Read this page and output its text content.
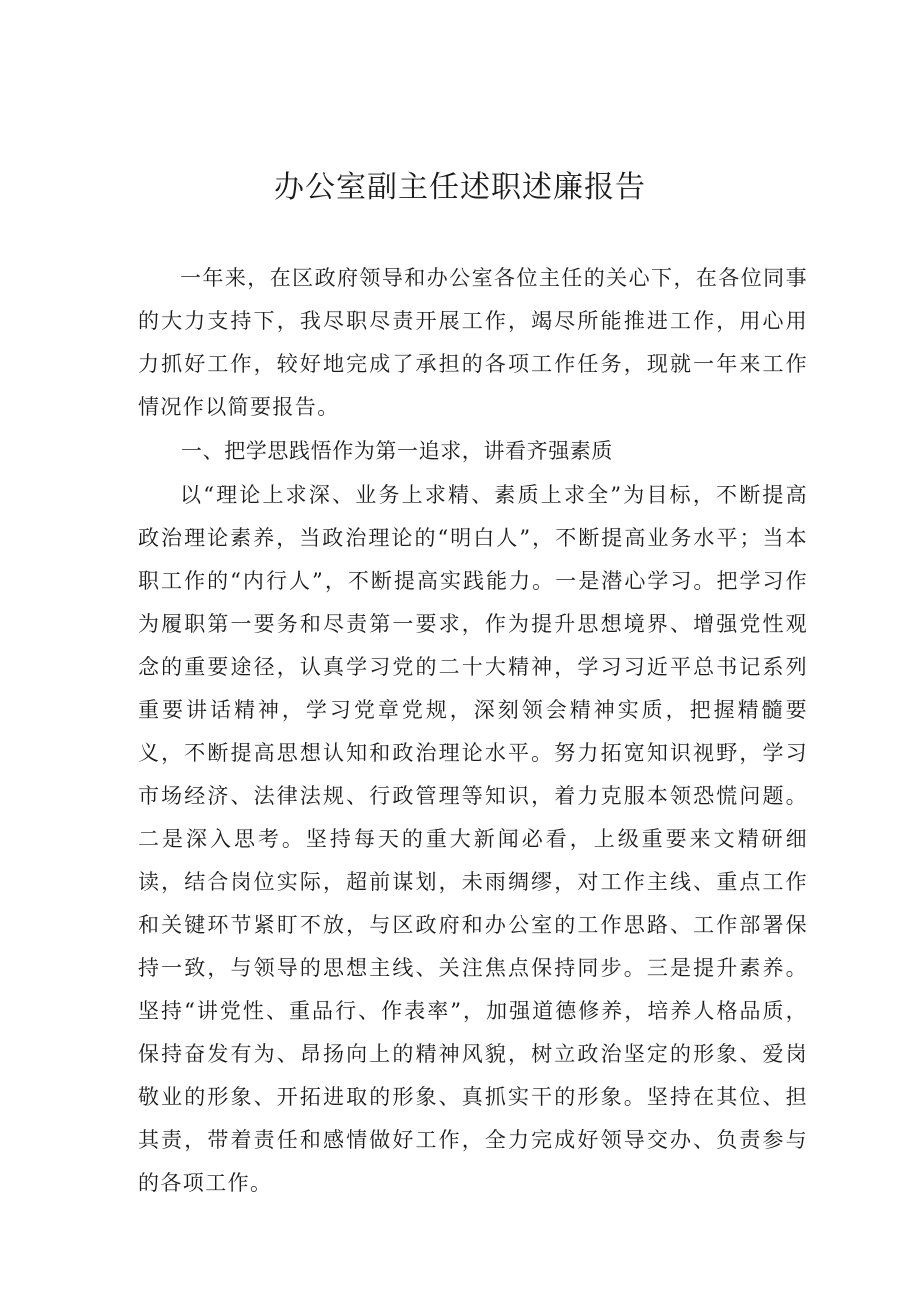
办公室副主任述职述廉报告

一年来，在区政府领导和办公室各位主任的关心下，在各位同事的大力支持下，我尽职尽责开展工作，竭尽所能推进工作，用心用力抓好工作，较好地完成了承担的各项工作任务，现就一年来工作情况作以简要报告。

一、把学思践悟作为第一追求，讲看齐强素质

以“理论上求深、业务上求精、素质上求全”为目标，不断提高政治理论素养，当政治理论的“明白人”，不断提高业务水平；当本职工作的“内行人”，不断提高实践能力。一是潜心学习。把学习作为履职第一要务和尽责第一要求，作为提升思想境界、增强党性观念的重要途径，认真学习党的二十大精神，学习习近平总书记系列重要讲话精神，学习党章党规，深刻领会精神实质，把握精髓要义，不断提高思想认知和政治理论水平。努力拓宽知识视野，学习市场经济、法律法规、行政管理等知识，着力克服本领恐慌问题。二是深入思考。坚持每天的重大新闻必看，上级重要来文精研细读，结合岗位实际，超前谋划，未雨绸缪，对工作主线、重点工作和关键环节紧盯不放，与区政府和办公室的工作思路、工作部署保持一致，与领导的思想主线、关注焦点保持同步。三是提升素养。坚持“讲党性、重品行、作表率”，加强道德修养，培养人格品质，保持奋发有为、昂扬向上的精神风貌，树立政治坚定的形象、爱岗敬业的形象、开拓进取的形象、真抓实干的形象。坚持在其位、担其责，带着责任和感情做好工作，全力完成好领导交办、负责参与的各项工作。
